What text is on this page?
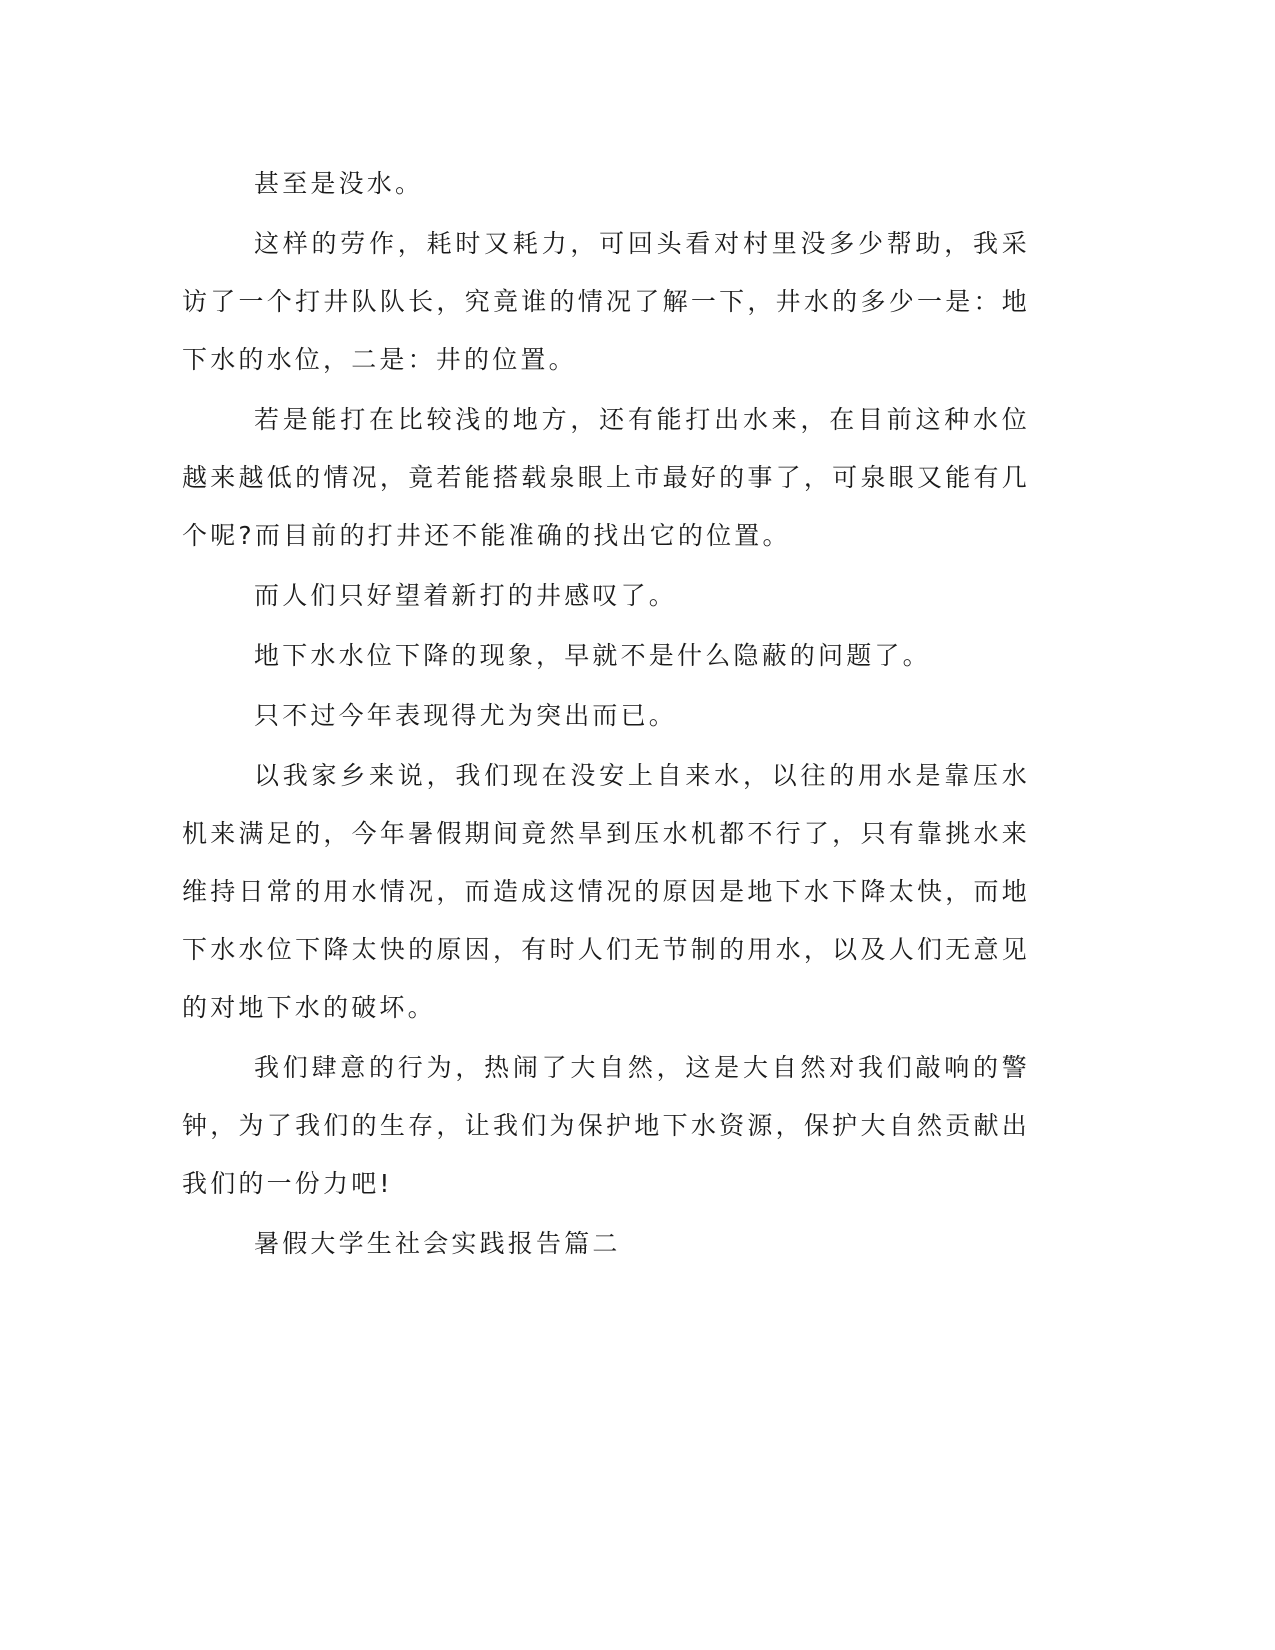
甚至是没水。

这样的劳作，耗时又耗力，可回头看对村里没多少帮助，我采访了一个打井队队长，究竟谁的情况了解一下，井水的多少一是：地下水的水位，二是：井的位置。

若是能打在比较浅的地方，还有能打出水来，在目前这种水位越来越低的情况，竟若能搭载泉眼上市最好的事了，可泉眼又能有几个呢?而目前的打井还不能准确的找出它的位置。

而人们只好望着新打的井感叹了。

地下水水位下降的现象，早就不是什么隐蔽的问题了。

只不过今年表现得尤为突出而已。

以我家乡来说，我们现在没安上自来水，以往的用水是靠压水机来满足的，今年暑假期间竟然旱到压水机都不行了，只有靠挑水来维持日常的用水情况，而造成这情况的原因是地下水下降太快，而地下水水位下降太快的原因，有时人们无节制的用水，以及人们无意见的对地下水的破坏。

我们肆意的行为，热闹了大自然，这是大自然对我们敲响的警钟，为了我们的生存，让我们为保护地下水资源，保护大自然贡献出我们的一份力吧!

暑假大学生社会实践报告篇二
